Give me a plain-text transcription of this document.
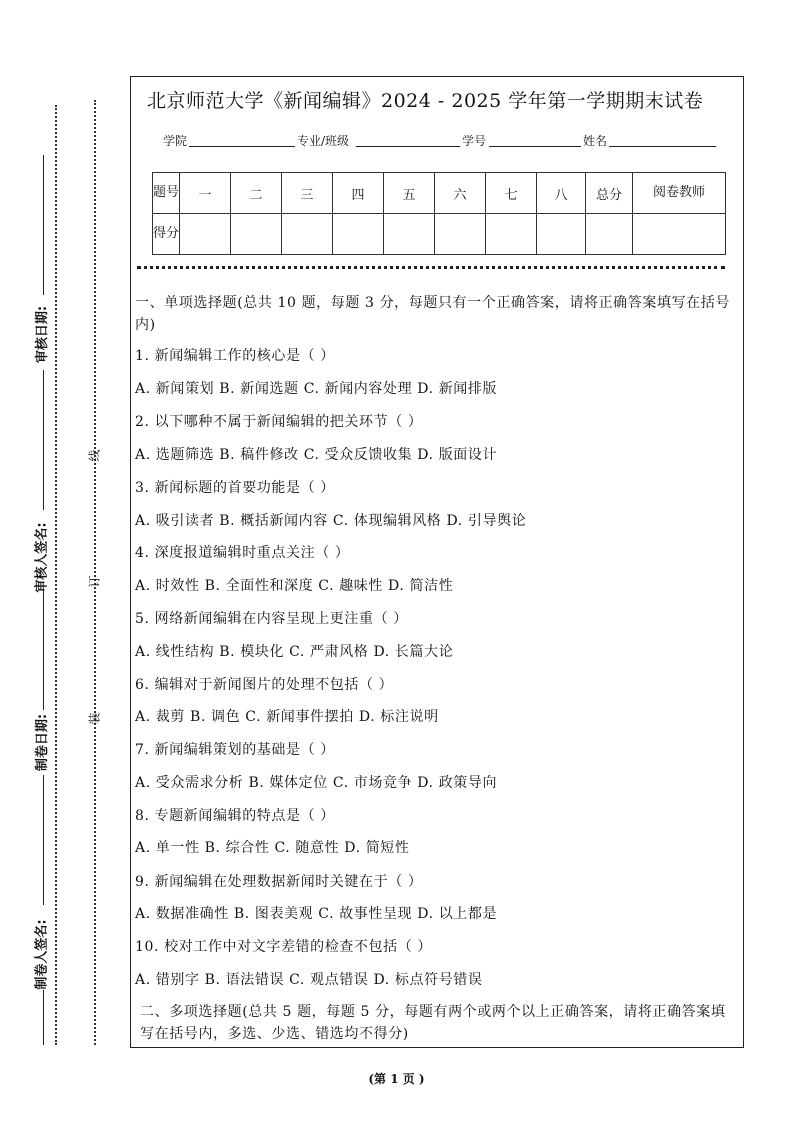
审核日期:
审核人签名:
制卷日期:
制卷人签名:
线
订
装
北京师范大学《新闻编辑》2024 - 2025 学年第一学期期末试卷
学院	专业/班级	学号	姓名
题号	一	二	三	四	五	六	七	八	总分	阅卷教师
得分										
一、单项选择题(总共 10 题，每题 3 分，每题只有一个正确答案，请将正确答案填写在括号内)
1. 新闻编辑工作的核心是（ ）
A. 新闻策划 B. 新闻选题 C. 新闻内容处理 D. 新闻排版
2. 以下哪种不属于新闻编辑的把关环节（ ）
A. 选题筛选 B. 稿件修改 C. 受众反馈收集 D. 版面设计
3. 新闻标题的首要功能是（ ）
A. 吸引读者 B. 概括新闻内容 C. 体现编辑风格 D. 引导舆论
4. 深度报道编辑时重点关注（ ）
A. 时效性 B. 全面性和深度 C. 趣味性 D. 简洁性
5. 网络新闻编辑在内容呈现上更注重（ ）
A. 线性结构 B. 模块化 C. 严肃风格 D. 长篇大论
6. 编辑对于新闻图片的处理不包括（ ）
A. 裁剪 B. 调色 C. 新闻事件摆拍 D. 标注说明
7. 新闻编辑策划的基础是（ ）
A. 受众需求分析 B. 媒体定位 C. 市场竞争 D. 政策导向
8. 专题新闻编辑的特点是（ ）
A. 单一性 B. 综合性 C. 随意性 D. 简短性
9. 新闻编辑在处理数据新闻时关键在于（ ）
A. 数据准确性 B. 图表美观 C. 故事性呈现 D. 以上都是
10. 校对工作中对文字差错的检查不包括（ ）
A. 错别字 B. 语法错误 C. 观点错误 D. 标点符号错误
二、多项选择题(总共 5 题，每题 5 分，每题有两个或两个以上正确答案，请将正确答案填写在括号内，多选、少选、错选均不得分)
(第 1 页 )
